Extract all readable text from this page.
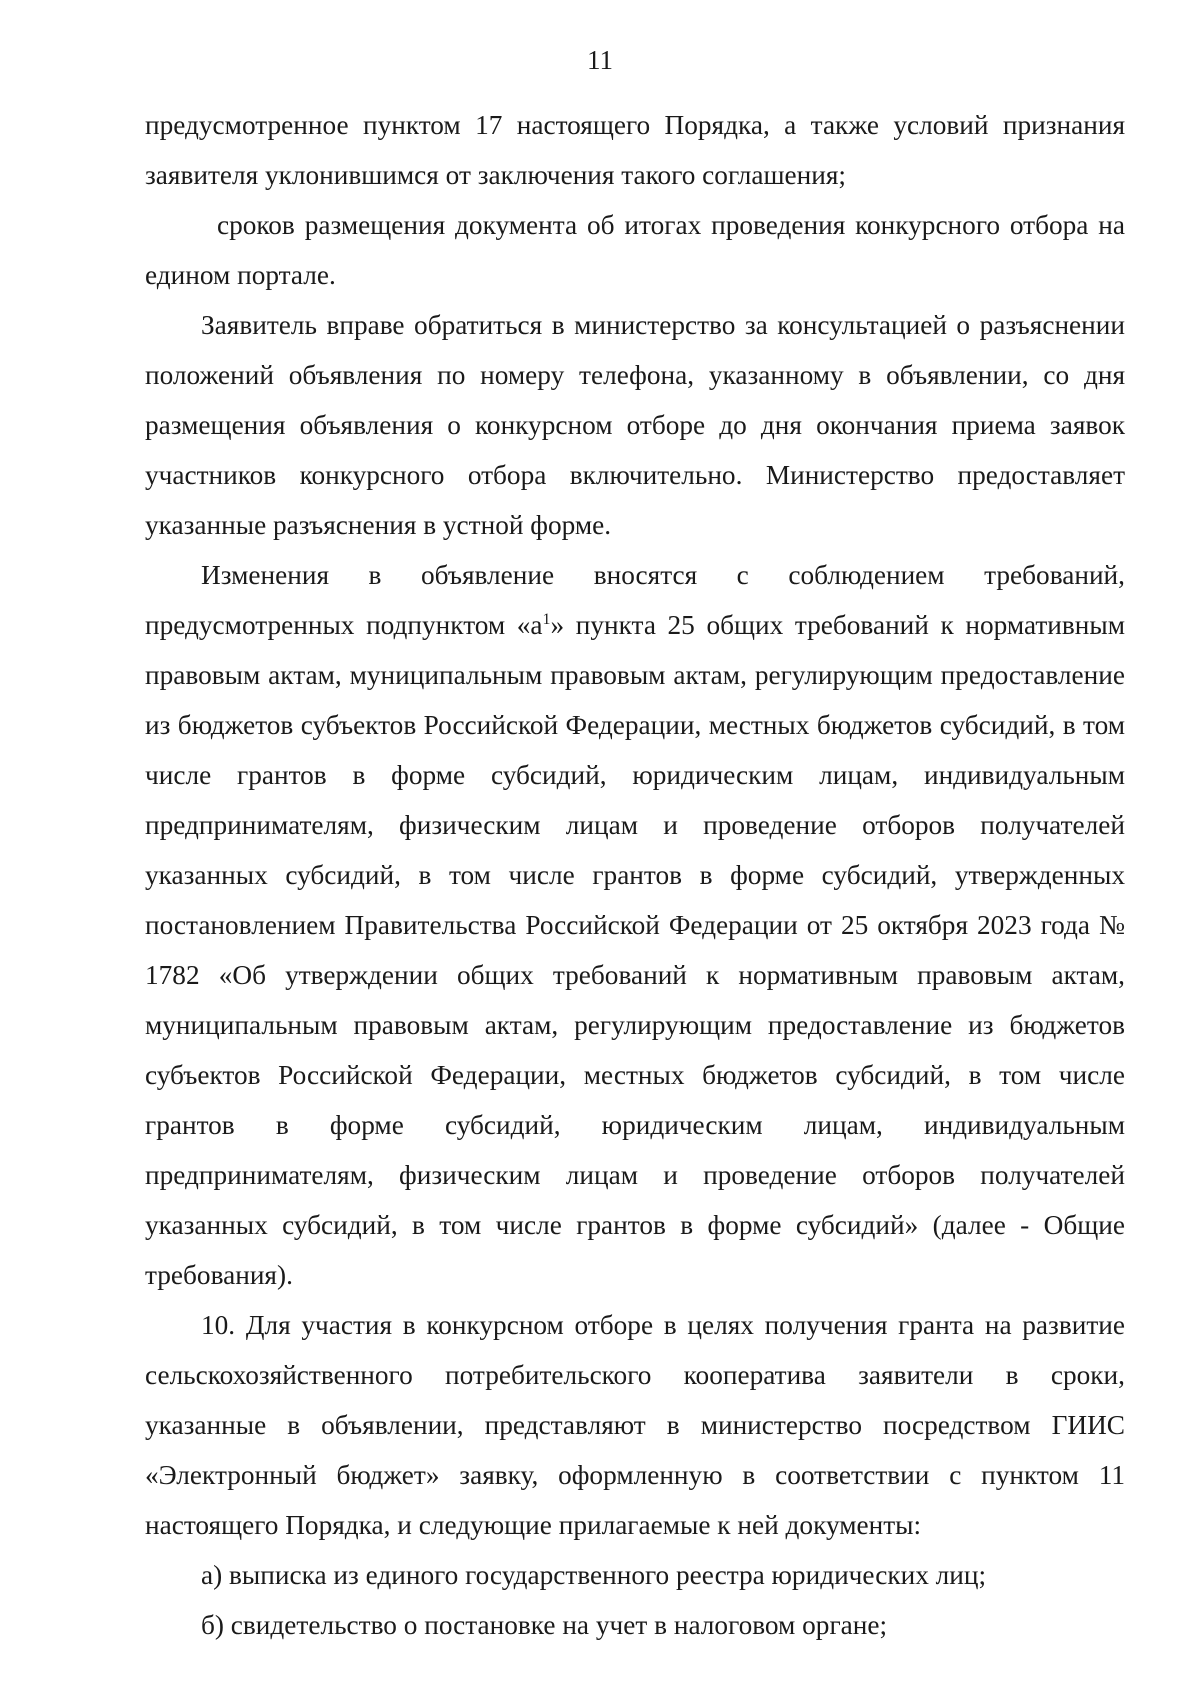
11

предусмотренное пунктом 17 настоящего Порядка, а также условий признания заявителя уклонившимся от заключения такого соглашения;

сроков размещения документа об итогах проведения конкурсного отбора на едином портале.

Заявитель вправе обратиться в министерство за консультацией о разъяснении положений объявления по номеру телефона, указанному в объявлении, со дня размещения объявления о конкурсном отборе до дня окончания приема заявок участников конкурсного отбора включительно. Министерство предоставляет указанные разъяснения в устной форме.

Изменения в объявление вносятся с соблюдением требований, предусмотренных подпунктом «$а^1$» пункта 25 общих требований к нормативным правовым актам, муниципальным правовым актам, регулирующим предоставление из бюджетов субъектов Российской Федерации, местных бюджетов субсидий, в том числе грантов в форме субсидий, юридическим лицам, индивидуальным предпринимателям, физическим лицам и проведение отборов получателей указанных субсидий, в том числе грантов в форме субсидий, утвержденных постановлением Правительства Российской Федерации от 25 октября 2023 года № 1782 «Об утверждении общих требований к нормативным правовым актам, муниципальным правовым актам, регулирующим предоставление из бюджетов субъектов Российской Федерации, местных бюджетов субсидий, в том числе грантов в форме субсидий, юридическим лицам, индивидуальным предпринимателям, физическим лицам и проведение отборов получателей указанных субсидий, в том числе грантов в форме субсидий» (далее - Общие требования).

10. Для участия в конкурсном отборе в целях получения гранта на развитие сельскохозяйственного потребительского кооператива заявители в сроки, указанные в объявлении, представляют в министерство посредством ГИИС «Электронный бюджет» заявку, оформленную в соответствии с пунктом 11 настоящего Порядка, и следующие прилагаемые к ней документы:

а) выписка из единого государственного реестра юридических лиц;

б) свидетельство о постановке на учет в налоговом органе;
